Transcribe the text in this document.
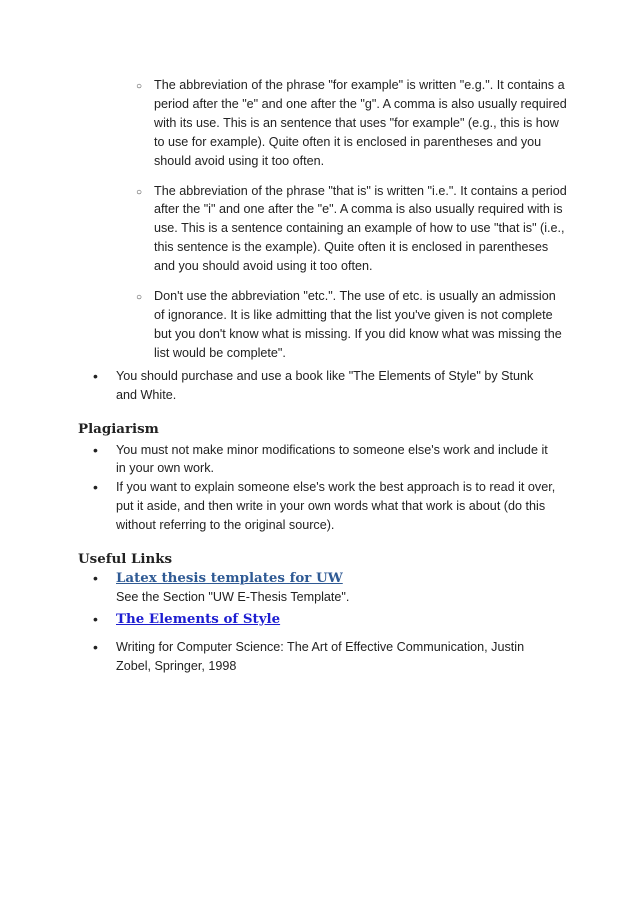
○ The abbreviation of the phrase "for example" is written "e.g.". It contains a period after the "e" and one after the "g". A comma is also usually required with its use. This is an sentence that uses "for example" (e.g., this is how to use for example). Quite often it is enclosed in parentheses and you should avoid using it too often.
○ The abbreviation of the phrase "that is" is written "i.e.". It contains a period after the "i" and one after the "e". A comma is also usually required with is use. This is a sentence containing an example of how to use "that is" (i.e., this sentence is the example). Quite often it is enclosed in parentheses and you should avoid using it too often.
○ Don't use the abbreviation "etc.". The use of etc. is usually an admission of ignorance. It is like admitting that the list you've given is not complete but you don't know what is missing. If you did know what was missing the list would be complete".
• You should purchase and use a book like "The Elements of Style" by Stunk and White.
Plagiarism
• You must not make minor modifications to someone else's work and include it in your own work.
• If you want to explain someone else's work the best approach is to read it over, put it aside, and then write in your own words what that work is about (do this without referring to the original source).
Useful Links
• Latex thesis templates for UW
See the Section "UW E-Thesis Template".
• The Elements of Style
• Writing for Computer Science: The Art of Effective Communication, Justin Zobel, Springer, 1998
